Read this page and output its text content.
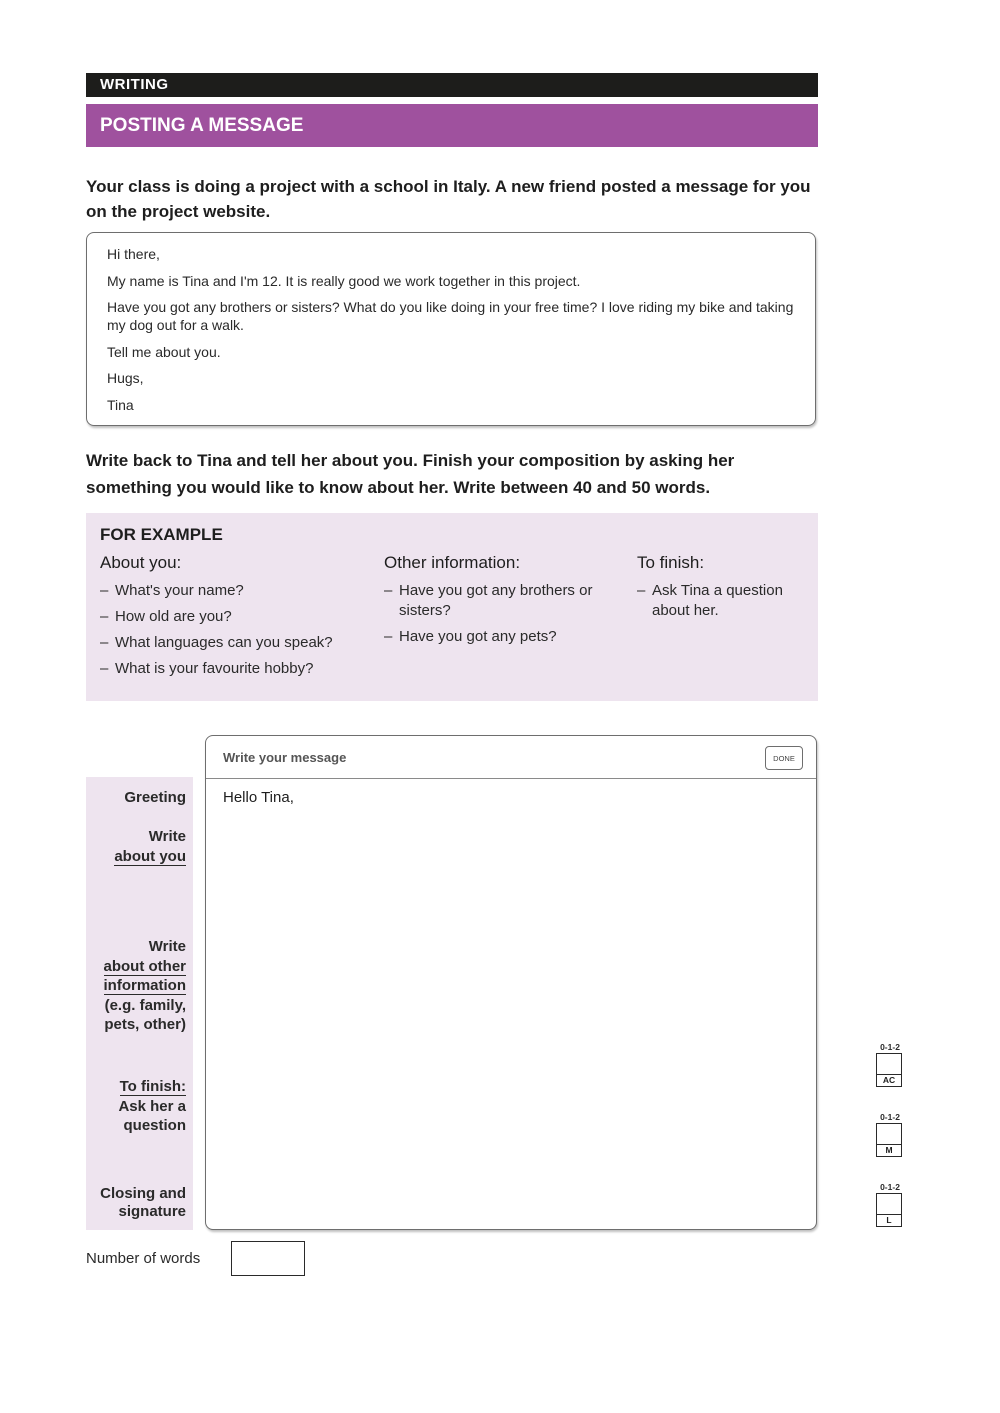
WRITING
POSTING A MESSAGE
Your class is doing a project with a school in Italy. A new friend posted a message for you on the project website.

Hi there,

My name is Tina and I'm 12. It is really good we work together in this project.

Have you got any brothers or sisters? What do you like doing in your free time? I love riding my bike and taking my dog out for a walk.

Tell me about you.

Hugs,

Tina

Write back to Tina and tell her about you. Finish your composition by asking her something you would like to know about her. Write between 40 and 50 words.
FOR EXAMPLE
About you:
– What's your name?
– How old are you?
– What languages can you speak?
– What is your favourite hobby?
Other information:
– Have you got any brothers or sisters?
– Have you got any pets?
To finish:
– Ask Tina a question about her.
Greeting
Write
about you
Write
about other
information
(e.g. family,
pets, other)
To finish:
Ask her a
question
Closing and
signature
Write your message	DONE
Hello Tina,
Number of words
0-1-2
AC
0-1-2
M
0-1-2
L
